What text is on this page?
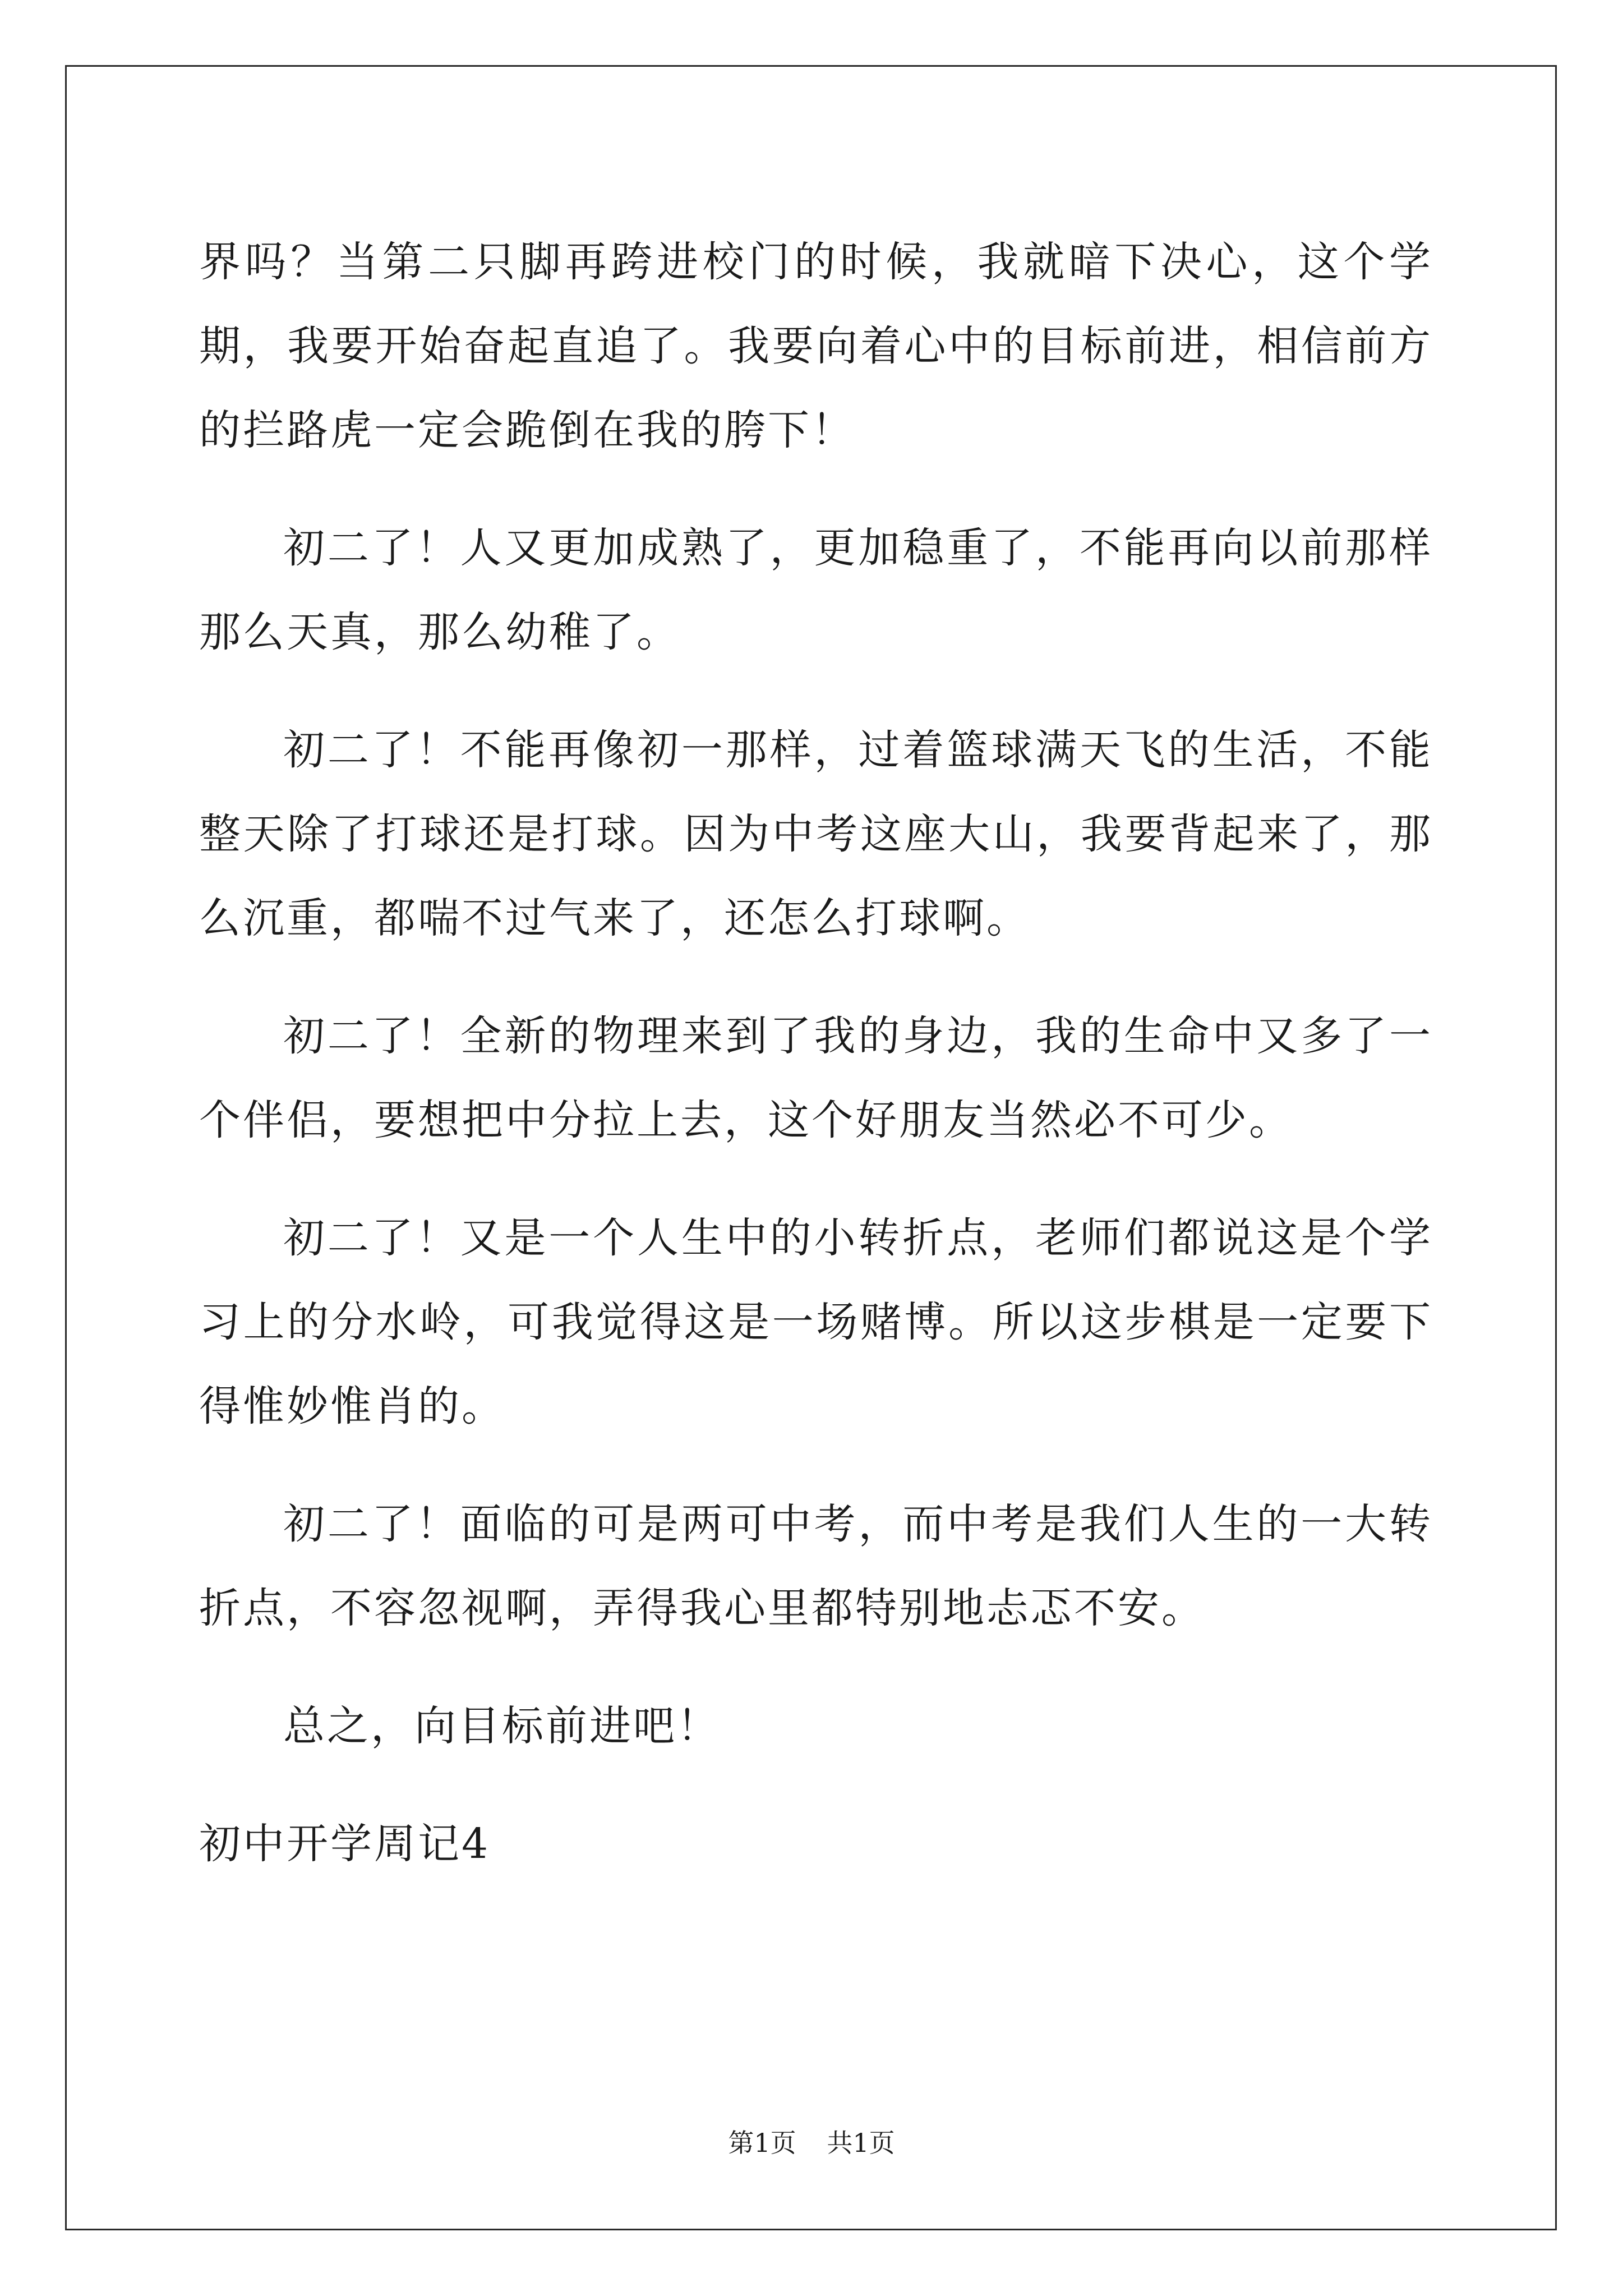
界吗？当第二只脚再跨进校门的时候，我就暗下决心，这个学期，我要开始奋起直追了。我要向着心中的目标前进，相信前方的拦路虎一定会跪倒在我的胯下！

初二了！人又更加成熟了，更加稳重了，不能再向以前那样那么天真，那么幼稚了。

初二了！不能再像初一那样，过着篮球满天飞的生活，不能整天除了打球还是打球。因为中考这座大山，我要背起来了，那么沉重，都喘不过气来了，还怎么打球啊。

初二了！全新的物理来到了我的身边，我的生命中又多了一个伴侣，要想把中分拉上去，这个好朋友当然必不可少。

初二了！又是一个人生中的小转折点，老师们都说这是个学习上的分水岭，可我觉得这是一场赌博。所以这步棋是一定要下得惟妙惟肖的。

初二了！面临的可是两可中考，而中考是我们人生的一大转折点，不容忽视啊，弄得我心里都特别地忐忑不安。

总之，向目标前进吧！

初中开学周记4

第1页 共1页
